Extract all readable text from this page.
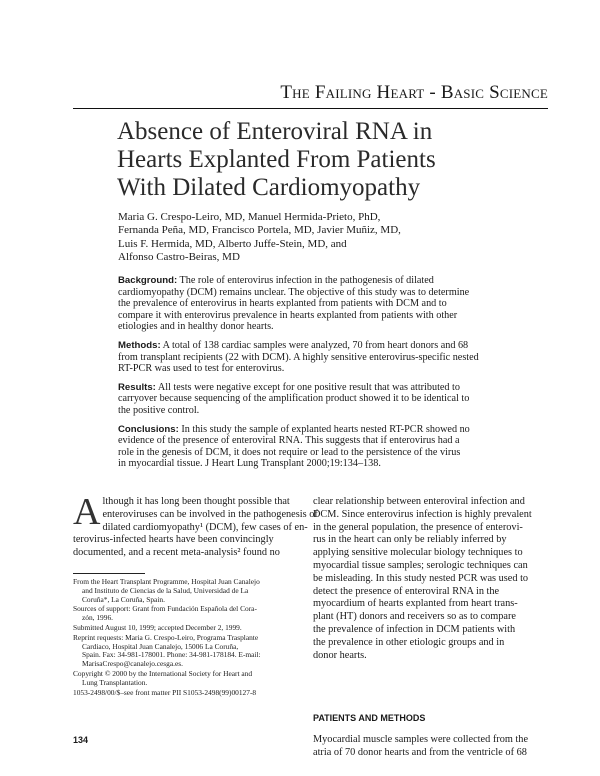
The Failing Heart - Basic Science
Absence of Enteroviral RNA in
Hearts Explanted From Patients
With Dilated Cardiomyopathy
Maria G. Crespo-Leiro, MD, Manuel Hermida-Prieto, PhD,
Fernanda Peña, MD, Francisco Portela, MD, Javier Muñiz, MD,
Luis F. Hermida, MD, Alberto Juffe-Stein, MD, and
Alfonso Castro-Beiras, MD

Background: The role of enterovirus infection in the pathogenesis of dilated
cardiomyopathy (DCM) remains unclear. The objective of this study was to determine
the prevalence of enterovirus in hearts explanted from patients with DCM and to
compare it with enterovirus prevalence in hearts explanted from patients with other
etiologies and in healthy donor hearts.

Methods: A total of 138 cardiac samples were analyzed, 70 from heart donors and 68
from transplant recipients (22 with DCM). A highly sensitive enterovirus-specific nested
RT-PCR was used to test for enterovirus.

Results: All tests were negative except for one positive result that was attributed to
carryover because sequencing of the amplification product showed it to be identical to
the positive control.

Conclusions: In this study the sample of explanted hearts nested RT-PCR showed no
evidence of the presence of enteroviral RNA. This suggests that if enterovirus had a
role in the genesis of DCM, it does not require or lead to the persistence of the virus
in myocardial tissue. J Heart Lung Transplant 2000;19:134–138.

A lthough it has long been thought possible that
enteroviruses can be involved in the pathogenesis of
dilated cardiomyopathy¹ (DCM), few cases of en-
terovirus-infected hearts have been convincingly
documented, and a recent meta-analysis² found no
clear relationship between enteroviral infection and
DCM. Since enterovirus infection is highly prevalent
in the general population, the presence of enterovi-
rus in the heart can only be reliably inferred by
applying sensitive molecular biology techniques to
myocardial tissue samples; serologic techniques can
be misleading. In this study nested PCR was used to
detect the presence of enteroviral RNA in the
myocardium of hearts explanted from heart trans-
plant (HT) donors and receivers so as to compare
the prevalence of infection in DCM patients with
the prevalence in other etiologic groups and in
donor hearts.
PATIENTS AND METHODS
Myocardial muscle samples were collected from the
atria of 70 donor hearts and from the ventricle of 68
From the Heart Transplant Programme, Hospital Juan Canalejo
and Instituto de Ciencias de la Salud, Universidad de La
Coruña*, La Coruña, Spain.
Sources of support: Grant from Fundación Española del Cora-
zón, 1996.
Submitted August 10, 1999; accepted December 2, 1999.
Reprint requests: Maria G. Crespo-Leiro, Programa Trasplante
Cardiaco, Hospital Juan Canalejo, 15006 La Coruña,
Spain. Fax: 34-981-178001. Phone: 34-981-178184. E-mail:
MarisaCrespo@canalejo.cesga.es.
Copyright © 2000 by the International Society for Heart and
Lung Transplantation.
1053-2498/00/$–see front matter PII S1053-2498(99)00127-8
134
